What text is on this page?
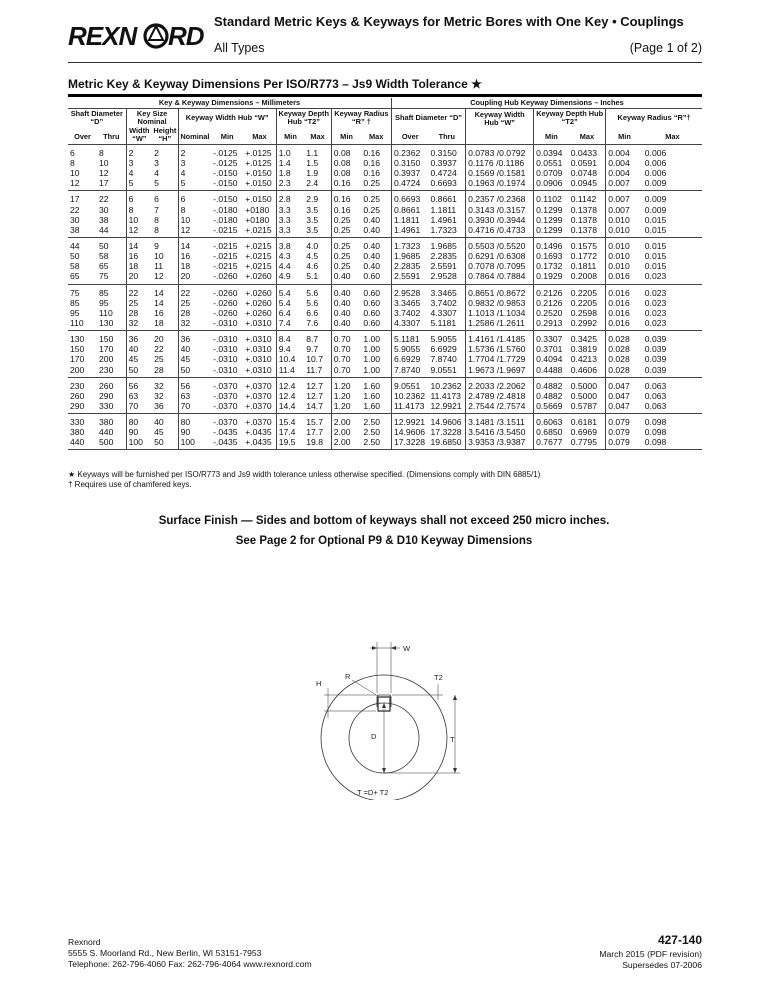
REXN RD Standard Metric Keys & Keyways for Metric Bores with One Key • Couplings
All Types	(Page 1 of 2)
Metric Key & Keyway Dimensions Per ISO/R773 – Js9 Width Tolerance ★
Key & Keyway Dimensions – Millimeters											Coupling Hub Keyway Dimensions – Inches						
Shaft Diameter “D”		Key Size Nominal		Keyway Width Hub “W”			Keyway Depth Hub “T2”		Keyway Radius “R” †		Shaft Diameter “D”		Keyway Width Hub “W”	Keyway Depth Hub “T2”		Keyway Radius “R”†	
		Width “W”	Height “H”														
Over	Thru			Nominal	Min	Max	Min	Max	Min	Max	Over	Thru		Min	Max	Min	Max
6	8	2	2	2	-.0125	+.0125	1.0	1.1	0.08	0.16	0.2362	0.3150	0.0783 /0.0792	0.0394	0.0433	0.004	0.006
8	10	3	3	3	-.0125	+.0125	1.4	1.5	0.08	0.16	0.3150	0.3937	0.1176 /0.1186	0.0551	0.0591	0.004	0.006
10	12	4	4	4	-.0150	+.0150	1.8	1.9	0.08	0.16	0.3937	0.4724	0.1569 /0.1581	0.0709	0.0748	0.004	0.006
12	17	5	5	5	-.0150	+.0150	2.3	2.4	0.16	0.25	0.4724	0.6693	0.1963 /0.1974	0.0906	0.0945	0.007	0.009
17	22	6	6	6	-.0150	+.0150	2.8	2.9	0.16	0.25	0.6693	0.8661	0.2357 /0.2368	0.1102	0.1142	0.007	0.009
22	30	8	7	8	-.0180	+0180	3.3	3.5	0.16	0.25	0.8661	1.1811	0.3143 /0.3157	0.1299	0.1378	0.007	0.009
30	38	10	8	10	-.0180	+0180	3.3	3.5	0.25	0.40	1.1811	1.4961	0.3930 /0.3944	0.1299	0.1378	0.010	0.015
38	44	12	8	12	-.0215	+.0215	3.3	3.5	0.25	0.40	1.4961	1.7323	0.4716 /0.4733	0.1299	0.1378	0.010	0.015
44	50	14	9	14	-.0215	+.0215	3.8	4.0	0.25	0.40	1.7323	1.9685	0.5503 /0.5520	0.1496	0.1575	0.010	0.015
50	58	16	10	16	-.0215	+.0215	4.3	4.5	0.25	0.40	1.9685	2.2835	0.6291 /0.6308	0.1693	0.1772	0.010	0.015
58	65	18	11	18	-.0215	+.0215	4.4	4.6	0.25	0.40	2.2835	2.5591	0.7078 /0.7095	0.1732	0.1811	0.010	0.015
65	75	20	12	20	-.0260	+.0260	4.9	5.1	0.40	0.60	2.5591	2.9528	0.7864 /0.7884	0.1929	0.2008	0.016	0.023
75	85	22	14	22	-.0260	+.0260	5.4	5.6	0.40	0.60	2.9528	3.3465	0.8651 /0.8672	0.2126	0.2205	0.016	0.023
85	95	25	14	25	-.0260	+.0260	5.4	5.6	0.40	0.60	3.3465	3.7402	0.9832 /0.9853	0.2126	0.2205	0.016	0.023
95	110	28	16	28	-.0260	+.0260	6.4	6.6	0.40	0.60	3.7402	4.3307	1.1013 /1.1034	0.2520	0.2598	0.016	0.023
110	130	32	18	32	-.0310	+.0310	7.4	7.6	0.40	0.60	4.3307	5.1181	1.2586 /1.2611	0.2913	0.2992	0.016	0.023
130	150	36	20	36	-.0310	+.0310	8.4	8.7	0.70	1.00	5.1181	5.9055	1.4161 /1.4185	0.3307	0.3425	0.028	0.039
150	170	40	22	40	-.0310	+.0310	9.4	9.7	0.70	1.00	5.9055	6.6929	1.5736 /1.5760	0.3701	0.3819	0.028	0.039
170	200	45	25	45	-.0310	+.0310	10.4	10.7	0.70	1.00	6.6929	7.8740	1.7704 /1.7729	0.4094	0.4213	0.028	0.039
200	230	50	28	50	-.0310	+.0310	11.4	11.7	0.70	1.00	7.8740	9.0551	1.9673 /1.9697	0.4488	0.4606	0.028	0.039
230	260	56	32	56	-.0370	+.0370	12.4	12.7	1.20	1.60	9.0551	10.2362	2.2033 /2.2062	0.4882	0.5000	0.047	0.063
260	290	63	32	63	-.0370	+.0370	12.4	12.7	1.20	1.60	10.2362	11.4173	2.4789 /2.4818	0.4882	0.5000	0.047	0.063
290	330	70	36	70	-.0370	+.0370	14.4	14.7	1.20	1.60	11.4173	12.9921	2.7544 /2.7574	0.5669	0.5787	0.047	0.063
330	380	80	40	80	-.0370	+.0370	15.4	15.7	2.00	2.50	12.9921	14.9606	3.1481 /3.1511	0.6063	0.6181	0.079	0.098
380	440	90	45	90	-.0435	+.0435	17.4	17.7	2.00	2.50	14.9606	17.3228	3.5416 /3.5450	0.6850	0.6969	0.079	0.098
440	500	100	50	100	-.0435	+.0435	19.5	19.8	2.00	2.50	17.3228	19.6850	3.9353 /3.9387	0.7677	0.7795	0.079	0.098
★ Keyways will be furnished per ISO/R773 and Js9 width tolerance unless otherwise specified. (Dimensions comply with DIN 6885/1)
† Requires use of chamfered keys.
Surface Finish — Sides and bottom of keyways shall not exceed 250 micro inches.
See Page 2 for Optional P9 & D10 Keyway Dimensions
W
R
H
T2
T
D
T =D+ T2
Rexnord
5555 S. Moorland Rd., New Berlin, WI 53151-7953
Telephone: 262-796-4060 Fax: 262-796-4064 www.rexnord.com
427-140
March 2015 (PDF revision)
Supersedes 07-2006
